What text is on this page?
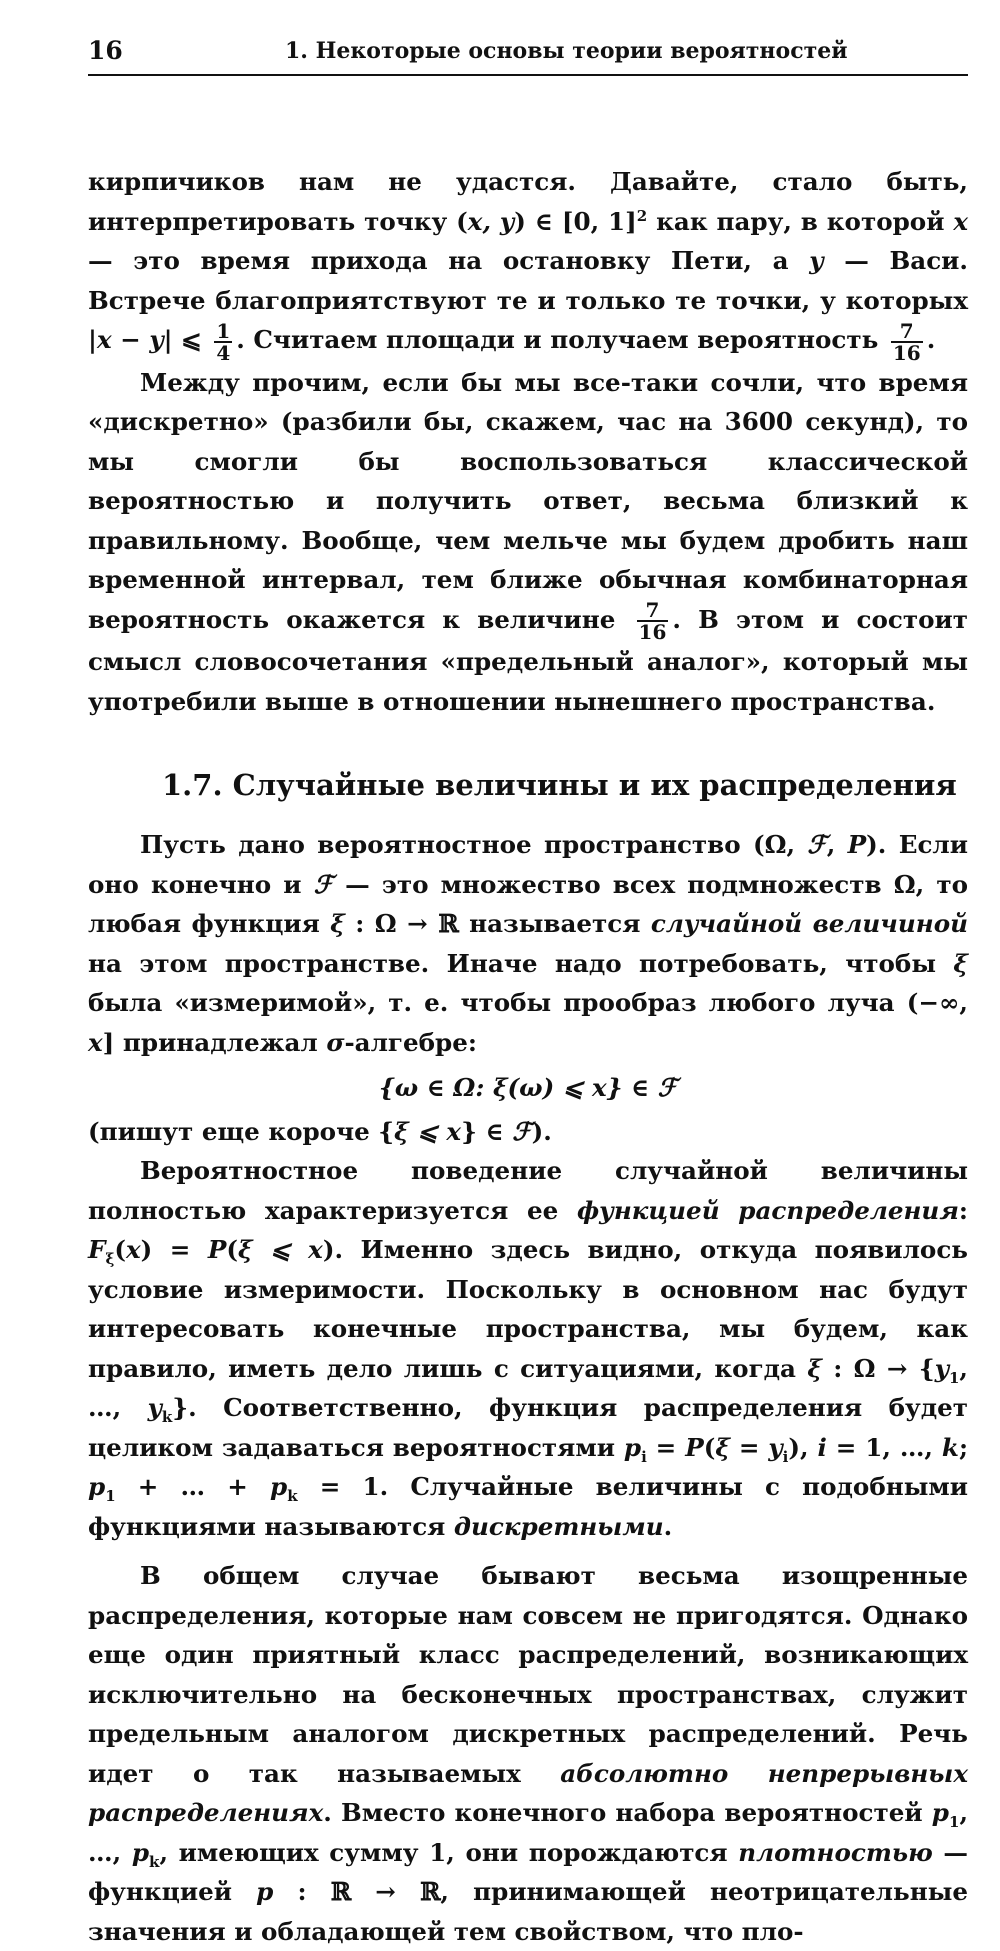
16	1. Некоторые основы теории вероятностей

кирпичиков нам не удастся. Давайте, стало быть, интерпретировать точку (x, y) ∈ [0, 1]$^2$ как пару, в которой x — это время прихода на остановку Пети, а y — Васи. Встрече благоприятствуют те и только те точки, у которых |x − y| ⩽ $\frac{1}{4}$ . Считаем площади и получаем вероятность $\frac{7}{16}$ .

Между прочим, если бы мы все-таки сочли, что время «дискретно» (разбили бы, скажем, час на 3600 секунд), то мы смогли бы воспользоваться классической вероятностью и получить ответ, весьма близкий к правильному. Вообще, чем мельче мы будем дробить наш временной интервал, тем ближе обычная комбинаторная вероятность окажется к величине $\frac{7}{16}$ . В этом и состоит смысл словосочетания «предельный аналог», который мы употребили выше в отношении нынешнего пространства.

1.7. Случайные величины и их распределения

Пусть дано вероятностное пространство (Ω, ℱ, P). Если оно конечно и ℱ — это множество всех подмножеств Ω, то любая функция ξ : Ω → ℝ называется случайной величиной на этом пространстве. Иначе надо потребовать, чтобы ξ была «измеримой», т. е. чтобы прообраз любого луча (−∞, x] принадлежал σ-алгебре:

{ω ∈ Ω: ξ(ω) ⩽ x} ∈ ℱ

(пишут еще короче {ξ ⩽ x} ∈ ℱ).

Вероятностное поведение случайной величины полностью характеризуется ее функцией распределения: $F_\xi(x) = P(\xi$ ⩽ x). Именно здесь видно, откуда появилось условие измеримости. Поскольку в основном нас будут интересовать конечные пространства, мы будем, как правило, иметь дело лишь с ситуациями, когда ξ : $\Omega \to \{y_1$, …, $y_k$}. Соответственно, функция распределения будет целиком задаваться вероятностями $p_i = P(\xi = y_i)$, i = 1, …, k; $p_1$ + … + $p_k = 1$. Случайные величины с подобными функциями называются дискретными.

В общем случае бывают весьма изощренные распределения, которые нам совсем не пригодятся. Однако еще один приятный класс распределений, возникающих исключительно на бесконечных пространствах, служит предельным аналогом дискретных распределений. Речь идет о так называемых абсолютно непрерывных распределениях. Вместо конечного набора вероятностей $p_1$, …, $p_k$, имеющих сумму 1, они порождаются плотностью — функцией p : ℝ → ℝ, принимающей неотрицательные значения и обладающей тем свойством, что пло-
